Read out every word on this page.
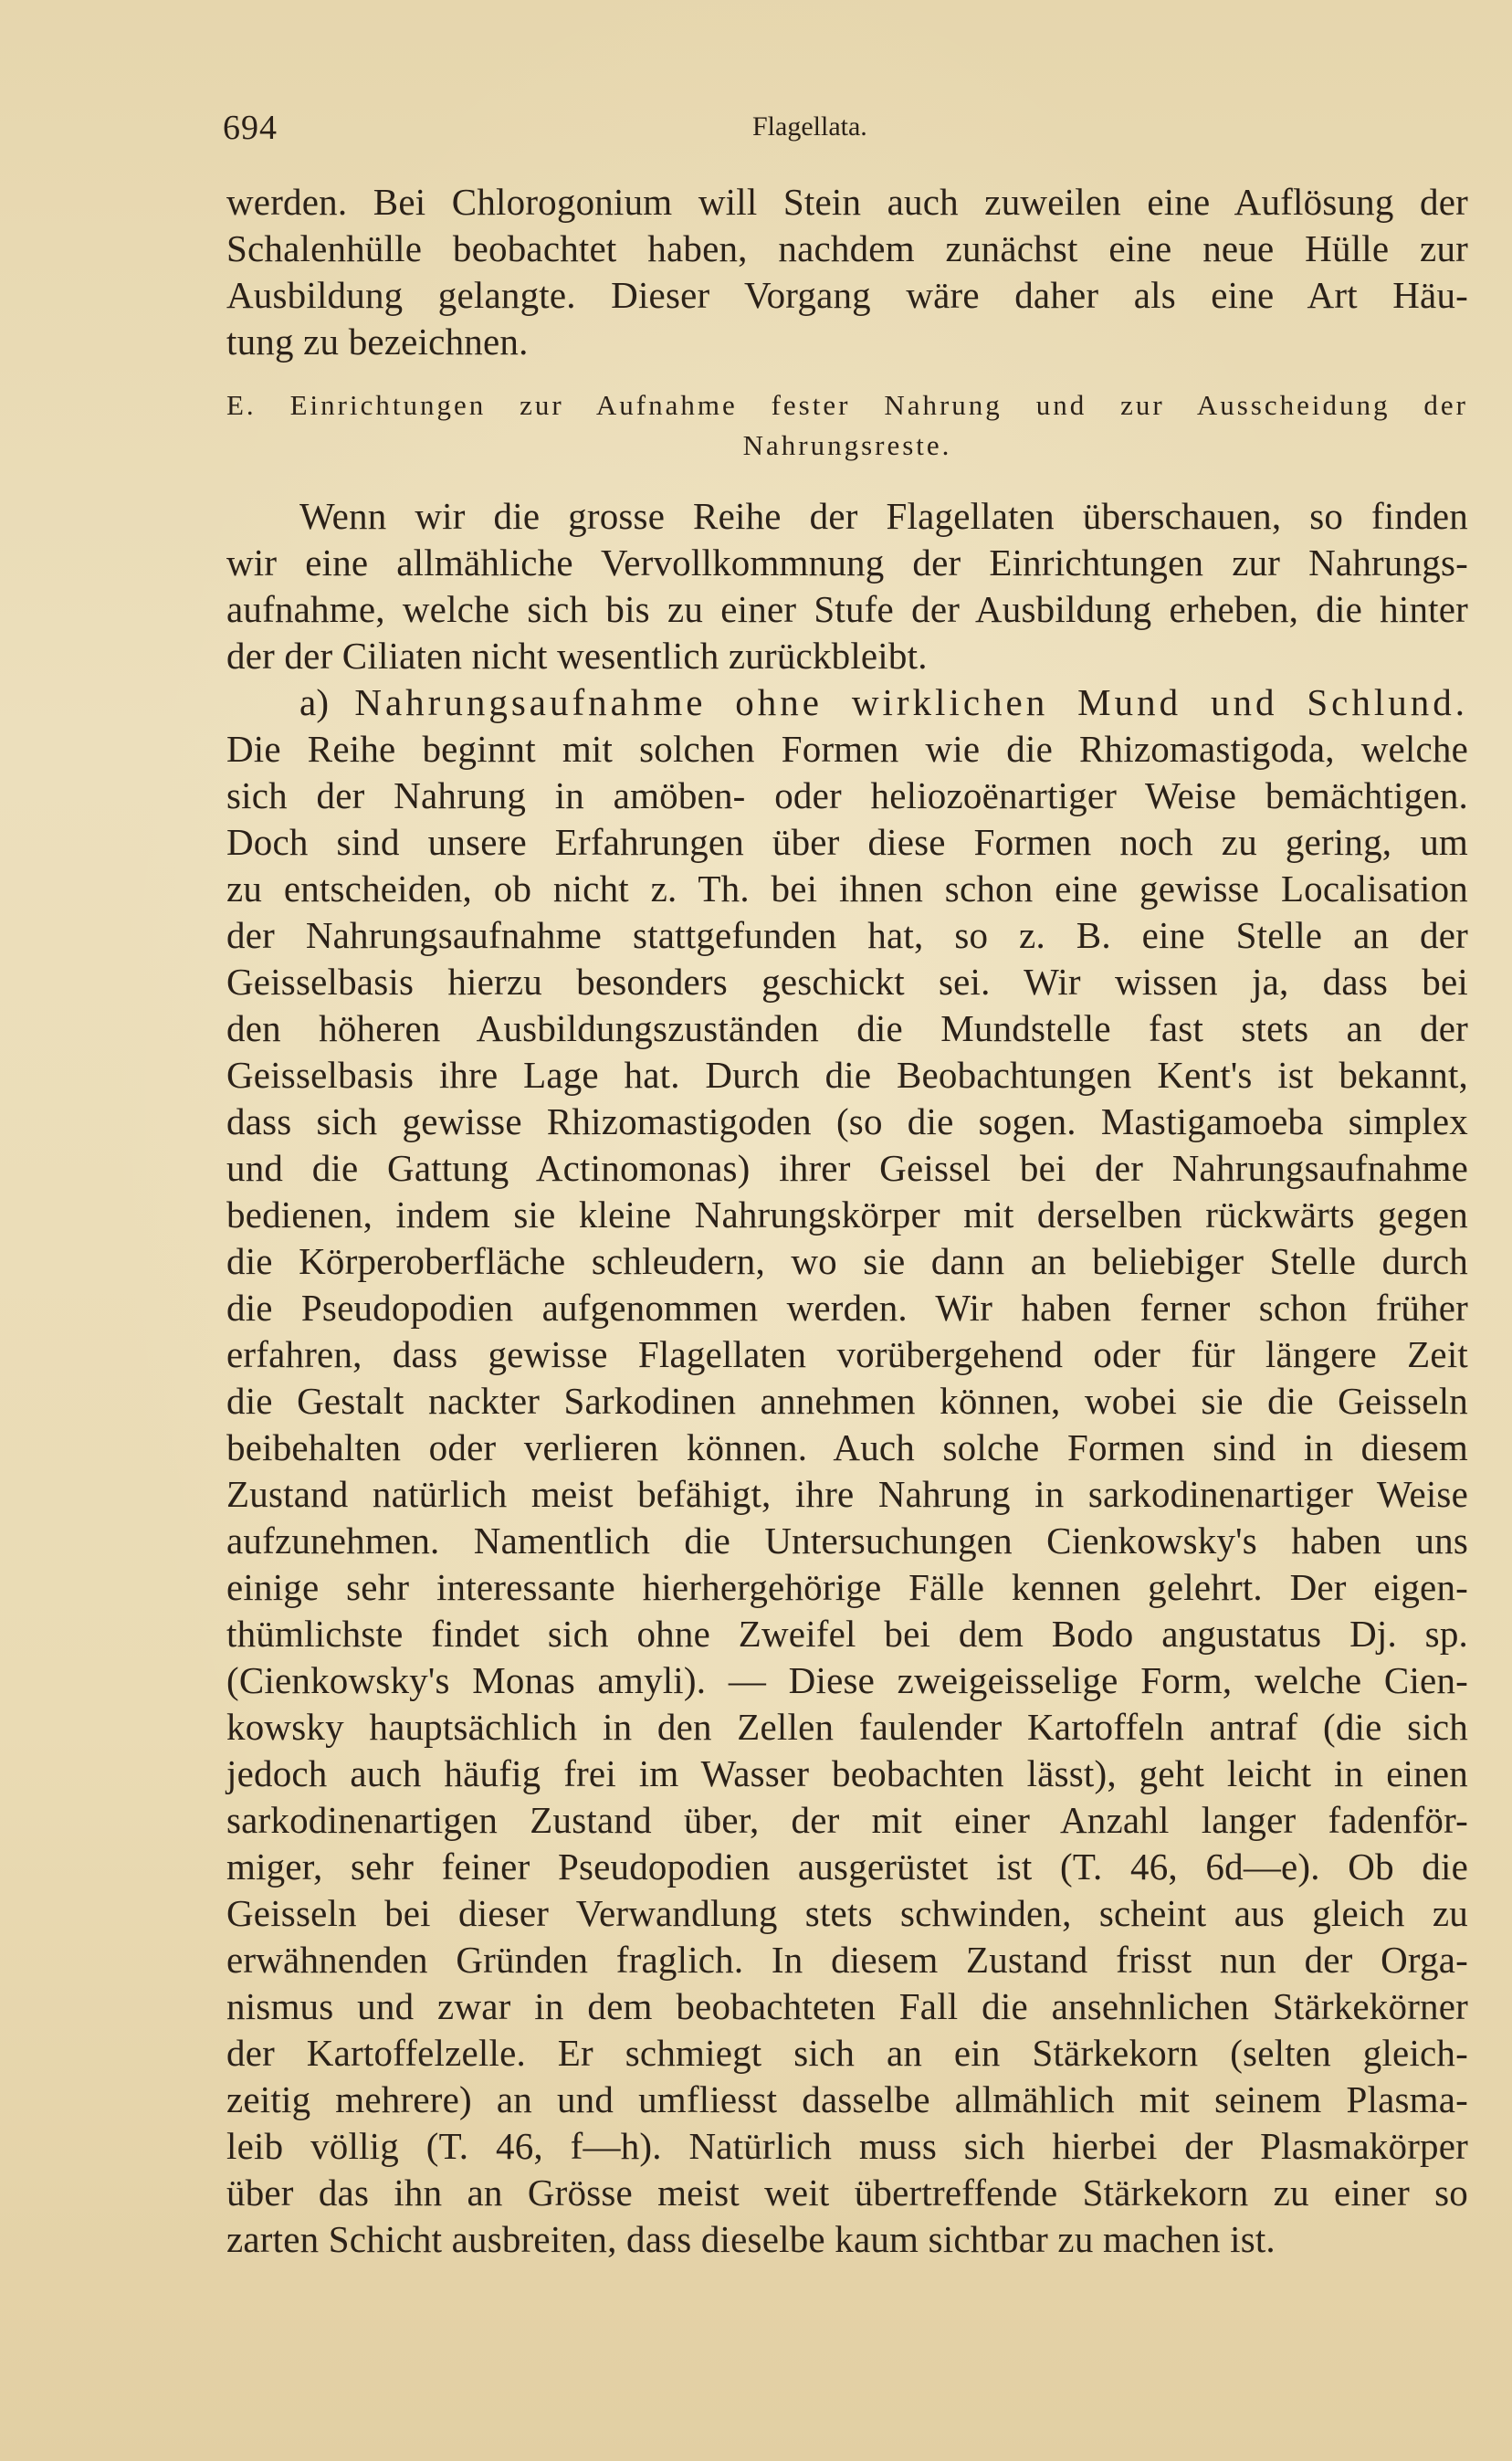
694	Flagellata.
werden. Bei Chlorogonium will Stein auch zuweilen eine Auflösung der
Schalenhülle beobachtet haben, nachdem zunächst eine neue Hülle zur
Ausbildung gelangte. Dieser Vorgang wäre daher als eine Art Häu-
tung zu bezeichnen.
E. Einrichtungen zur Aufnahme fester Nahrung und zur Ausscheidung der
Nahrungsreste.
Wenn wir die grosse Reihe der Flagellaten überschauen, so finden
wir eine allmähliche Vervollkommnung der Einrichtungen zur Nahrungs-
aufnahme, welche sich bis zu einer Stufe der Ausbildung erheben, die hinter
der der Ciliaten nicht wesentlich zurückbleibt.
a) Nahrungsaufnahme ohne wirklichen Mund und Schlund.
Die Reihe beginnt mit solchen Formen wie die Rhizomastigoda, welche
sich der Nahrung in amöben- oder heliozoënartiger Weise bemächtigen.
Doch sind unsere Erfahrungen über diese Formen noch zu gering, um
zu entscheiden, ob nicht z. Th. bei ihnen schon eine gewisse Localisation
der Nahrungsaufnahme stattgefunden hat, so z. B. eine Stelle an der
Geisselbasis hierzu besonders geschickt sei. Wir wissen ja, dass bei
den höheren Ausbildungszuständen die Mundstelle fast stets an der
Geisselbasis ihre Lage hat. Durch die Beobachtungen Kent's ist bekannt,
dass sich gewisse Rhizomastigoden (so die sogen. Mastigamoeba simplex
und die Gattung Actinomonas) ihrer Geissel bei der Nahrungsaufnahme
bedienen, indem sie kleine Nahrungskörper mit derselben rückwärts gegen
die Körperoberfläche schleudern, wo sie dann an beliebiger Stelle durch
die Pseudopodien aufgenommen werden. Wir haben ferner schon früher
erfahren, dass gewisse Flagellaten vorübergehend oder für längere Zeit
die Gestalt nackter Sarkodinen annehmen können, wobei sie die Geisseln
beibehalten oder verlieren können. Auch solche Formen sind in diesem
Zustand natürlich meist befähigt, ihre Nahrung in sarkodinenartiger Weise
aufzunehmen. Namentlich die Untersuchungen Cienkowsky's haben uns
einige sehr interessante hierhergehörige Fälle kennen gelehrt. Der eigen-
thümlichste findet sich ohne Zweifel bei dem Bodo angustatus Dj. sp.
(Cienkowsky's Monas amyli). — Diese zweigeisselige Form, welche Cien-
kowsky hauptsächlich in den Zellen faulender Kartoffeln antraf (die sich
jedoch auch häufig frei im Wasser beobachten lässt), geht leicht in einen
sarkodinenartigen Zustand über, der mit einer Anzahl langer fadenför-
miger, sehr feiner Pseudopodien ausgerüstet ist (T. 46, 6d—e). Ob die
Geisseln bei dieser Verwandlung stets schwinden, scheint aus gleich zu
erwähnenden Gründen fraglich. In diesem Zustand frisst nun der Orga-
nismus und zwar in dem beobachteten Fall die ansehnlichen Stärkekörner
der Kartoffelzelle. Er schmiegt sich an ein Stärkekorn (selten gleich-
zeitig mehrere) an und umfliesst dasselbe allmählich mit seinem Plasma-
leib völlig (T. 46, f—h). Natürlich muss sich hierbei der Plasmakörper
über das ihn an Grösse meist weit übertreffende Stärkekorn zu einer so
zarten Schicht ausbreiten, dass dieselbe kaum sichtbar zu machen ist.
